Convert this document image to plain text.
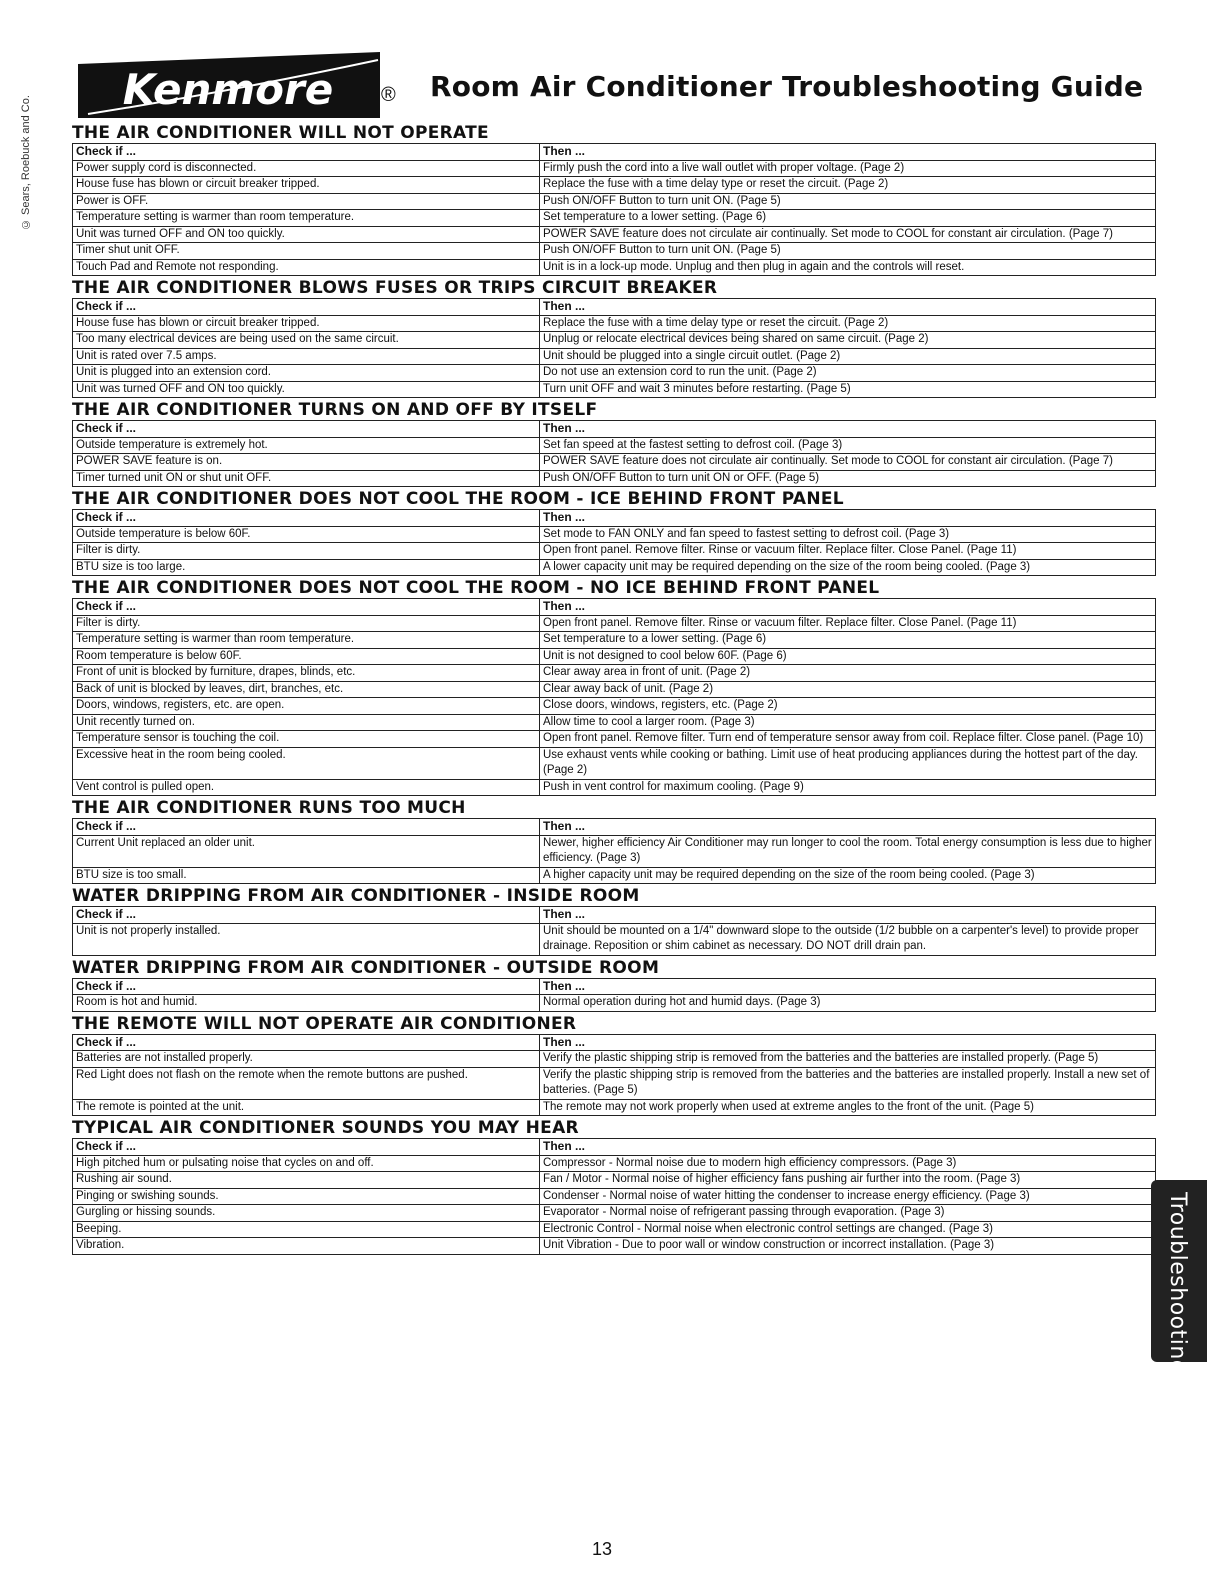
© Sears, Roebuck and Co.
Kenmore ® Room Air Conditioner Troubleshooting Guide
THE AIR CONDITIONER WILL NOT OPERATE
Check if ...	Then ...
Power supply cord is disconnected.	Firmly push the cord into a live wall outlet with proper voltage. (Page 2)
House fuse has blown or circuit breaker tripped.	Replace the fuse with a time delay type or reset the circuit. (Page 2)
Power is OFF.	Push ON/OFF Button to turn unit ON. (Page 5)
Temperature setting is warmer than room temperature.	Set temperature to a lower setting. (Page 6)
Unit was turned OFF and ON too quickly.	POWER SAVE feature does not circulate air continually. Set mode to COOL for constant air circulation. (Page 7)
Timer shut unit OFF.	Push ON/OFF Button to turn unit ON. (Page 5)
Touch Pad and Remote not responding.	Unit is in a lock-up mode. Unplug and then plug in again and the controls will reset.
THE AIR CONDITIONER BLOWS FUSES OR TRIPS CIRCUIT BREAKER
Check if ...	Then ...
House fuse has blown or circuit breaker tripped.	Replace the fuse with a time delay type or reset the circuit. (Page 2)
Too many electrical devices are being used on the same circuit.	Unplug or relocate electrical devices being shared on same circuit. (Page 2)
Unit is rated over 7.5 amps.	Unit should be plugged into a single circuit outlet. (Page 2)
Unit is plugged into an extension cord.	Do not use an extension cord to run the unit. (Page 2)
Unit was turned OFF and ON too quickly.	Turn unit OFF and wait 3 minutes before restarting. (Page 5)
THE AIR CONDITIONER TURNS ON AND OFF BY ITSELF
Check if ...	Then ...
Outside temperature is extremely hot.	Set fan speed at the fastest setting to defrost coil. (Page 3)
POWER SAVE feature is on.	POWER SAVE feature does not circulate air continually. Set mode to COOL for constant air circulation. (Page 7)
Timer turned unit ON or shut unit OFF.	Push ON/OFF Button to turn unit ON or OFF. (Page 5)
THE AIR CONDITIONER DOES NOT COOL THE ROOM - ICE BEHIND FRONT PANEL
Check if ...	Then ...
Outside temperature is below 60F.	Set mode to FAN ONLY and fan speed to fastest setting to defrost coil. (Page 3)
Filter is dirty.	Open front panel. Remove filter. Rinse or vacuum filter. Replace filter. Close Panel. (Page 11)
BTU size is too large.	A lower capacity unit may be required depending on the size of the room being cooled. (Page 3)
THE AIR CONDITIONER DOES NOT COOL THE ROOM - NO ICE BEHIND FRONT PANEL
Check if ...	Then ...
Filter is dirty.	Open front panel. Remove filter. Rinse or vacuum filter. Replace filter. Close Panel. (Page 11)
Temperature setting is warmer than room temperature.	Set temperature to a lower setting. (Page 6)
Room temperature is below 60F.	Unit is not designed to cool below 60F. (Page 6)
Front of unit is blocked by furniture, drapes, blinds, etc.	Clear away area in front of unit. (Page 2)
Back of unit is blocked by leaves, dirt, branches, etc.	Clear away back of unit. (Page 2)
Doors, windows, registers, etc. are open.	Close doors, windows, registers, etc. (Page 2)
Unit recently turned on.	Allow time to cool a larger room. (Page 3)
Temperature sensor is touching the coil.	Open front panel. Remove filter. Turn end of temperature sensor away from coil. Replace filter. Close panel. (Page 10)
Excessive heat in the room being cooled.	Use exhaust vents while cooking or bathing. Limit use of heat producing appliances during the hottest part of the day. (Page 2)
Vent control is pulled open.	Push in vent control for maximum cooling. (Page 9)
THE AIR CONDITIONER RUNS TOO MUCH
Check if ...	Then ...
Current Unit replaced an older unit.	Newer, higher efficiency Air Conditioner may run longer to cool the room. Total energy consumption is less due to higher efficiency. (Page 3)
BTU size is too small.	A higher capacity unit may be required depending on the size of the room being cooled. (Page 3)
WATER DRIPPING FROM AIR CONDITIONER - INSIDE ROOM
Check if ...	Then ...
Unit is not properly installed.	Unit should be mounted on a 1/4" downward slope to the outside (1/2 bubble on a carpenter's level) to provide proper drainage. Reposition or shim cabinet as necessary. DO NOT drill drain pan.
WATER DRIPPING FROM AIR CONDITIONER - OUTSIDE ROOM
Check if ...	Then ...
Room is hot and humid.	Normal operation during hot and humid days. (Page 3)
THE REMOTE WILL NOT OPERATE AIR CONDITIONER
Check if ...	Then ...
Batteries are not installed properly.	Verify the plastic shipping strip is removed from the batteries and the batteries are installed properly. (Page 5)
Red Light does not flash on the remote when the remote buttons are pushed.	Verify the plastic shipping strip is removed from the batteries and the batteries are installed properly. Install a new set of batteries. (Page 5)
The remote is pointed at the unit.	The remote may not work properly when used at extreme angles to the front of the unit. (Page 5)
TYPICAL AIR CONDITIONER SOUNDS YOU MAY HEAR
Check if ...	Then ...
High pitched hum or pulsating noise that cycles on and off.	Compressor - Normal noise due to modern high efficiency compressors. (Page 3)
Rushing air sound.	Fan / Motor - Normal noise of higher efficiency fans pushing air further into the room. (Page 3)
Pinging or swishing sounds.	Condenser - Normal noise of water hitting the condenser to increase energy efficiency. (Page 3)
Gurgling or hissing sounds.	Evaporator - Normal noise of refrigerant passing through evaporation. (Page 3)
Beeping.	Electronic Control - Normal noise when electronic control settings are changed. (Page 3)
Vibration.	Unit Vibration - Due to poor wall or window construction or incorrect installation. (Page 3)	Troubleshooting
13
